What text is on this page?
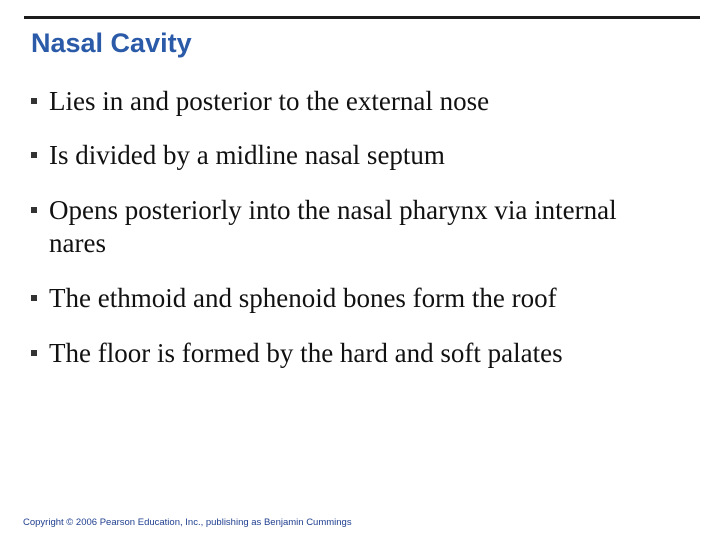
Nasal Cavity
Lies in and posterior to the external nose
Is divided by a midline nasal septum
Opens posteriorly into the nasal pharynx via internal nares
The ethmoid and sphenoid bones form the roof
The floor is formed by the hard and soft palates
Copyright © 2006 Pearson Education, Inc., publishing as Benjamin Cummings
